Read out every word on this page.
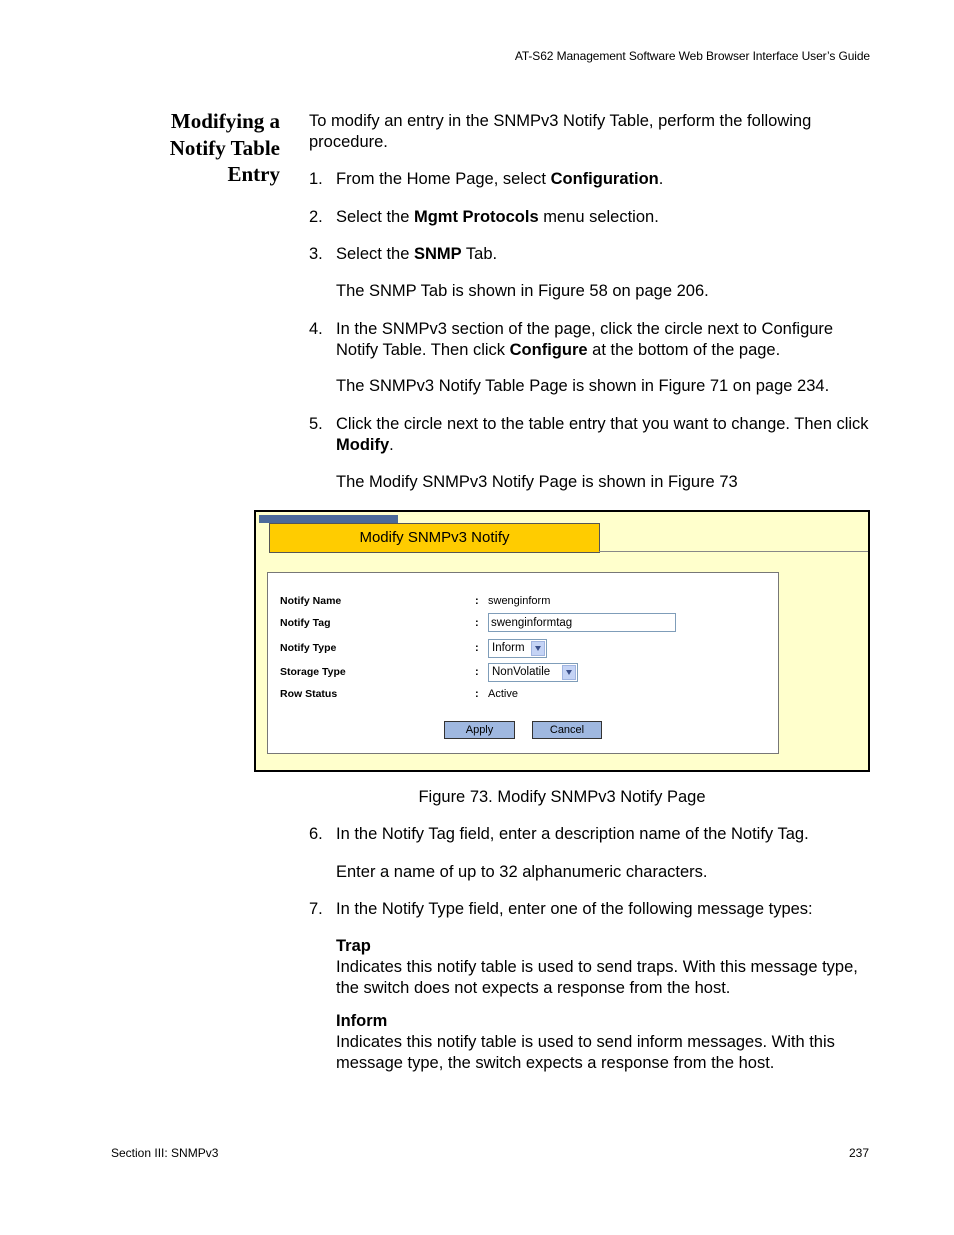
AT-S62 Management Software Web Browser Interface User’s Guide
Modifying a
Notify Table
Entry
To modify an entry in the SNMPv3 Notify Table, perform the following procedure.
1. From the Home Page, select Configuration.
2. Select the Mgmt Protocols menu selection.
3. Select the SNMP Tab.
The SNMP Tab is shown in Figure 58 on page 206.
4. In the SNMPv3 section of the page, click the circle next to Configure Notify Table. Then click Configure at the bottom of the page.
The SNMPv3 Notify Table Page is shown in Figure 71 on page 234.
5. Click the circle next to the table entry that you want to change. Then click Modify.
The Modify SNMPv3 Notify Page is shown in Figure 73
Modify SNMPv3 Notify
Notify Name	: swenginform
Notify Tag	: swenginformtag
Notify Type	:	Inform
Storage Type	:	NonVolatile
Row Status	: Active
Apply	Cancel
Figure 73. Modify SNMPv3 Notify Page
6. In the Notify Tag field, enter a description name of the Notify Tag.
Enter a name of up to 32 alphanumeric characters.
7. In the Notify Type field, enter one of the following message types:
Trap
Indicates this notify table is used to send traps. With this message type, the switch does not expects a response from the host.
Inform
Indicates this notify table is used to send inform messages. With this message type, the switch expects a response from the host.
Section III: SNMPv3	237
